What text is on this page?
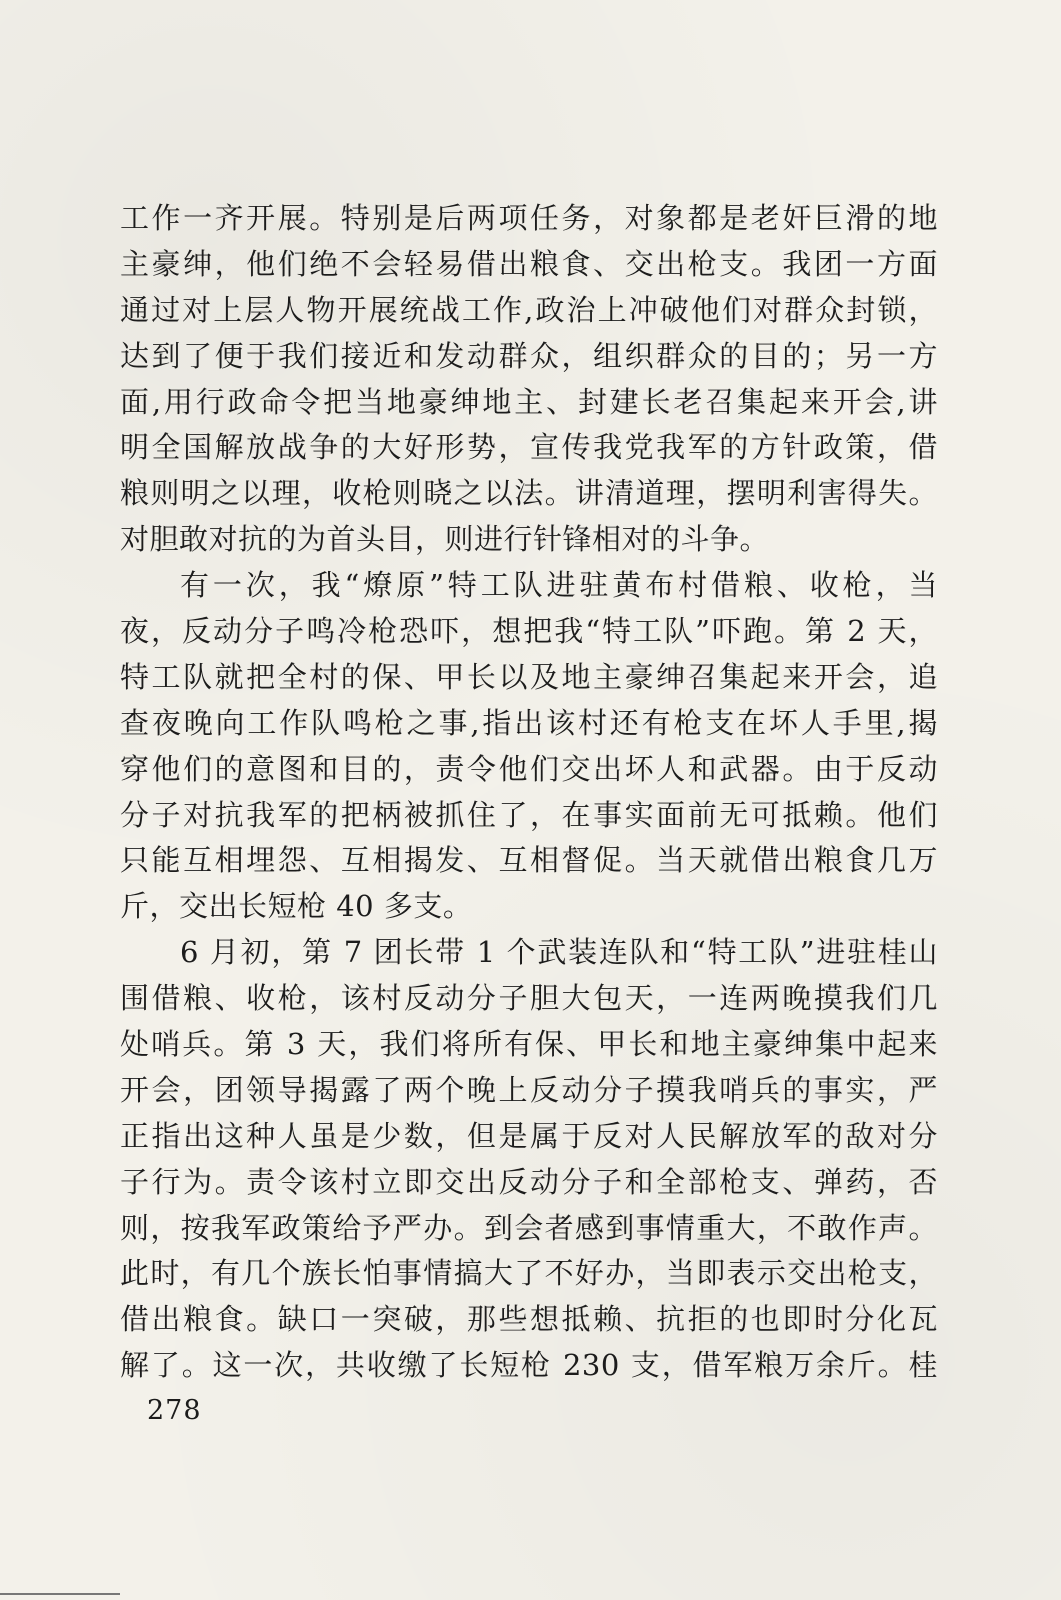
工作一齐开展。特别是后两项任务，对象都是老奸巨滑的地
主豪绅，他们绝不会轻易借出粮食、交出枪支。我团一方面
通过对上层人物开展统战工作,政治上冲破他们对群众封锁，
达到了便于我们接近和发动群众，组织群众的目的；另一方
面,用行政命令把当地豪绅地主、封建长老召集起来开会,讲
明全国解放战争的大好形势，宣传我党我军的方针政策，借
粮则明之以理，收枪则晓之以法。讲清道理，摆明利害得失。
对胆敢对抗的为首头目，则进行针锋相对的斗争。
有一次，我“燎原”特工队进驻黄布村借粮、收枪，当
夜，反动分子鸣冷枪恐吓，想把我“特工队”吓跑。第 2 天，
特工队就把全村的保、甲长以及地主豪绅召集起来开会，追
查夜晚向工作队鸣枪之事,指出该村还有枪支在坏人手里,揭
穿他们的意图和目的，责令他们交出坏人和武器。由于反动
分子对抗我军的把柄被抓住了，在事实面前无可抵赖。他们
只能互相埋怨、互相揭发、互相督促。当天就借出粮食几万
斤，交出长短枪 40 多支。
6 月初，第 7 团长带 1 个武装连队和“特工队”进驻桂山
围借粮、收枪，该村反动分子胆大包天，一连两晚摸我们几
处哨兵。第 3 天，我们将所有保、甲长和地主豪绅集中起来
开会，团领导揭露了两个晚上反动分子摸我哨兵的事实，严
正指出这种人虽是少数，但是属于反对人民解放军的敌对分
子行为。责令该村立即交出反动分子和全部枪支、弹药，否
则，按我军政策给予严办。到会者感到事情重大，不敢作声。
此时，有几个族长怕事情搞大了不好办，当即表示交出枪支，
借出粮食。缺口一突破，那些想抵赖、抗拒的也即时分化瓦
解了。这一次，共收缴了长短枪 230 支，借军粮万余斤。桂
278
